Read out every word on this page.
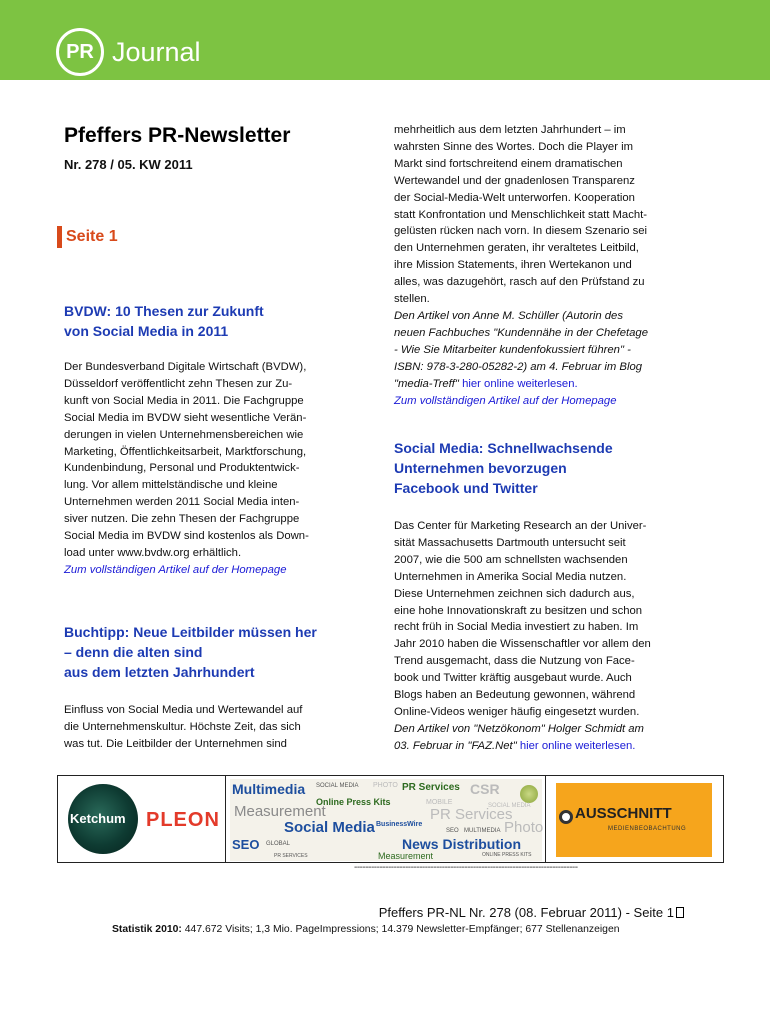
PR Journal
Pfeffers PR-Newsletter
Nr. 278 / 05. KW 2011
Seite 1
BVDW: 10 Thesen zur Zukunft
von Social Media in 2011
Der Bundesverband Digitale Wirtschaft (BVDW),
Düsseldorf veröffentlicht zehn Thesen zur Zu-
kunft von Social Media in 2011. Die Fachgruppe
Social Media im BVDW sieht wesentliche Verän-
derungen in vielen Unternehmensbereichen wie
Marketing, Öffentlichkeitsarbeit, Marktforschung,
Kundenbindung, Personal und Produktentwick-
lung. Vor allem mittelständische und kleine
Unternehmen werden 2011 Social Media inten-
siver nutzen. Die zehn Thesen der Fachgruppe
Social Media im BVDW sind kostenlos als Down-
load unter www.bvdw.org erhältlich.
Zum vollständigen Artikel auf der Homepage
Buchtipp: Neue Leitbilder müssen her
– denn die alten sind
aus dem letzten Jahrhundert
Einfluss von Social Media und Wertewandel auf
die Unternehmenskultur. Höchste Zeit, das sich
was tut. Die Leitbilder der Unternehmen sind
mehrheitlich aus dem letzten Jahrhundert – im
wahrsten Sinne des Wortes. Doch die Player im
Markt sind fortschreitend einem dramatischen
Wertewandel und der gnadenlosen Transparenz
der Social-Media-Welt unterworfen. Kooperation
statt Konfrontation und Menschlichkeit statt Macht-
gelüsten rücken nach vorn. In diesem Szenario sei
den Unternehmen geraten, ihr veraltetes Leitbild,
ihre Mission Statements, ihren Wertekanon und
alles, was dazugehört, rasch auf den Prüfstand zu
stellen.
Den Artikel von Anne M. Schüller (Autorin des
neuen Fachbuches "Kundennähe in der Chefetage
- Wie Sie Mitarbeiter kundenfokussiert führen" -
ISBN: 978-3-280-05282-2) am 4. Februar im Blog
"media-Treff" hier online weiterlesen.
Zum vollständigen Artikel auf der Homepage
Social Media: Schnellwachsende
Unternehmen bevorzugen
Facebook und Twitter
Das Center für Marketing Research an der Univer-
sität Massachusetts Dartmouth untersucht seit
2007, wie die 500 am schnellsten wachsenden
Unternehmen in Amerika Social Media nutzen.
Diese Unternehmen zeichnen sich dadurch aus,
eine hohe Innovationskraft zu besitzen und schon
recht früh in Social Media investiert zu haben. Im
Jahr 2010 haben die Wissenschaftler vor allem den
Trend ausgemacht, dass die Nutzung von Face-
book und Twitter kräftig ausgebaut wurde. Auch
Blogs haben an Bedeutung gewonnen, während
Online-Videos weniger häufig eingesetzt wurden.
Den Artikel von "Netzökonom" Holger Schmidt am
03. Februar in "FAZ.Net" hier online weiterlesen.
Ketchum PLEON
Multimedia SOCIAL MEDIA PHOTO PR Services CSR
Online Press Kits	MOBILE
PR Services
SOCIAL MEDIA
Measurement
Social Media BusinessWire
SEO MULTIMEDIA Photo
SEO GLOBAL	News Distribution
PR SERVICES	Measurement	ONLINE PRESS KITS
AUSSCHNITT
MEDIENBEOBACHTUNG
-------------------------------------------------------------------------------
Pfeffers PR-NL Nr. 278 (08. Februar 2011) - Seite 1
Statistik 2010: 447.672 Visits; 1,3 Mio. PageImpressions; 14.379 Newsletter-Empfänger; 677 Stellenanzeigen
